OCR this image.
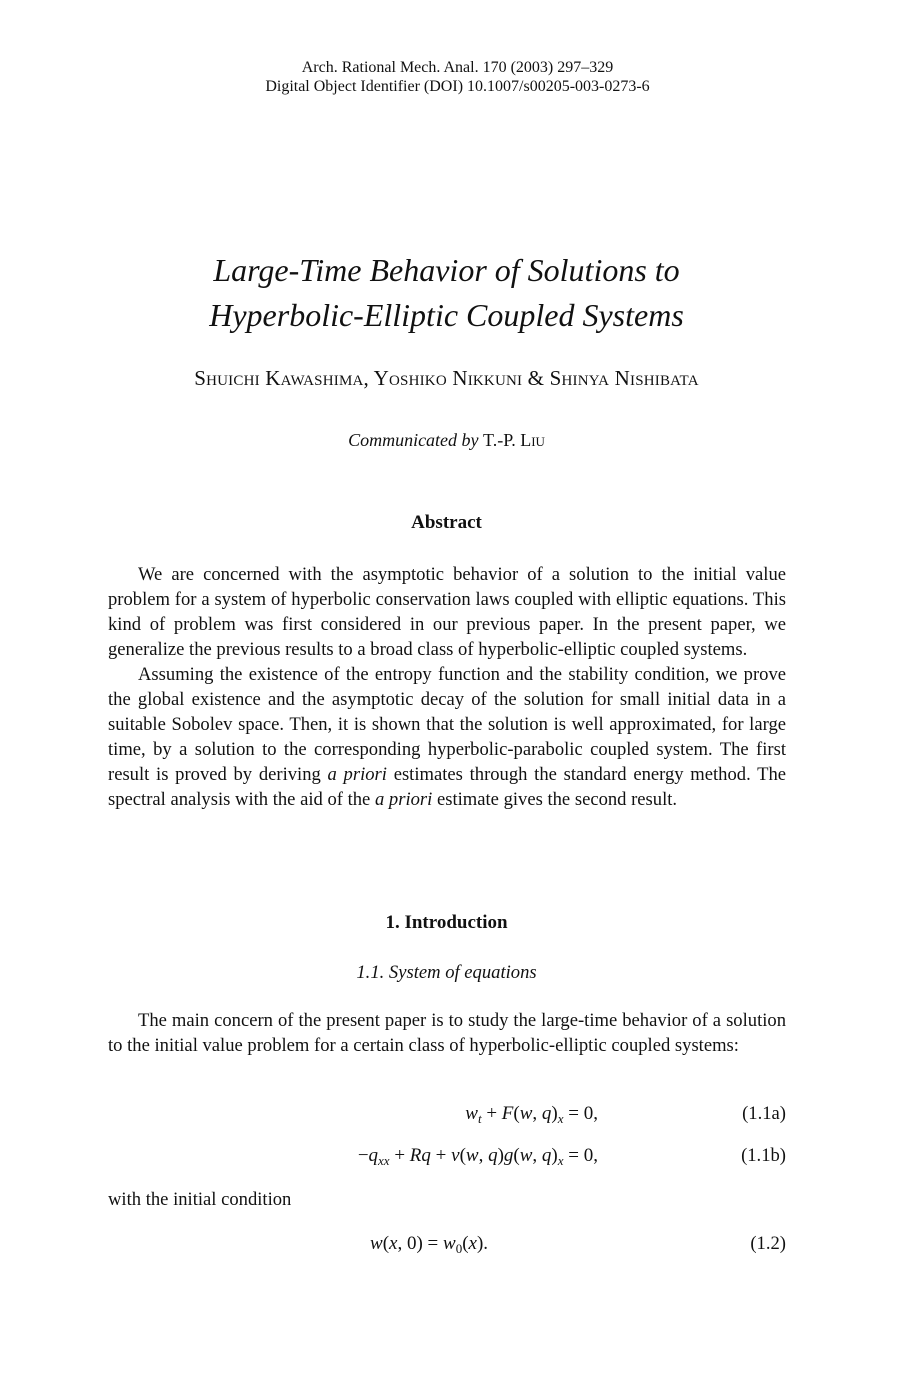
Arch. Rational Mech. Anal. 170 (2003) 297–329
Digital Object Identifier (DOI) 10.1007/s00205-003-0273-6
Large-Time Behavior of Solutions to
Hyperbolic-Elliptic Coupled Systems
Shuichi Kawashima, Yoshiko Nikkuni & Shinya Nishibata
Communicated by T.-P. Liu
Abstract

We are concerned with the asymptotic behavior of a solution to the initial value problem for a system of hyperbolic conservation laws coupled with elliptic equations. This kind of problem was first considered in our previous paper. In the present paper, we generalize the previous results to a broad class of hyperbolic-elliptic coupled systems.

Assuming the existence of the entropy function and the stability condition, we prove the global existence and the asymptotic decay of the solution for small initial data in a suitable Sobolev space. Then, it is shown that the solution is well approximated, for large time, by a solution to the corresponding hyperbolic-parabolic coupled system. The first result is proved by deriving a priori estimates through the standard energy method. The spectral analysis with the aid of the a priori estimate gives the second result.

1. Introduction
1.1. System of equations

The main concern of the present paper is to study the large-time behavior of a solution to the initial value problem for a certain class of hyperbolic-elliptic coupled systems:

$w_t + F(w$, $q)_x = 0$,	(1.1a)
$-q_{xx} + Rq + \nu(w$, q)g(w, $q)_x = 0$,	(1.1b)
with the initial condition
w(x, $0) = w_0(x)$.	(1.2)
